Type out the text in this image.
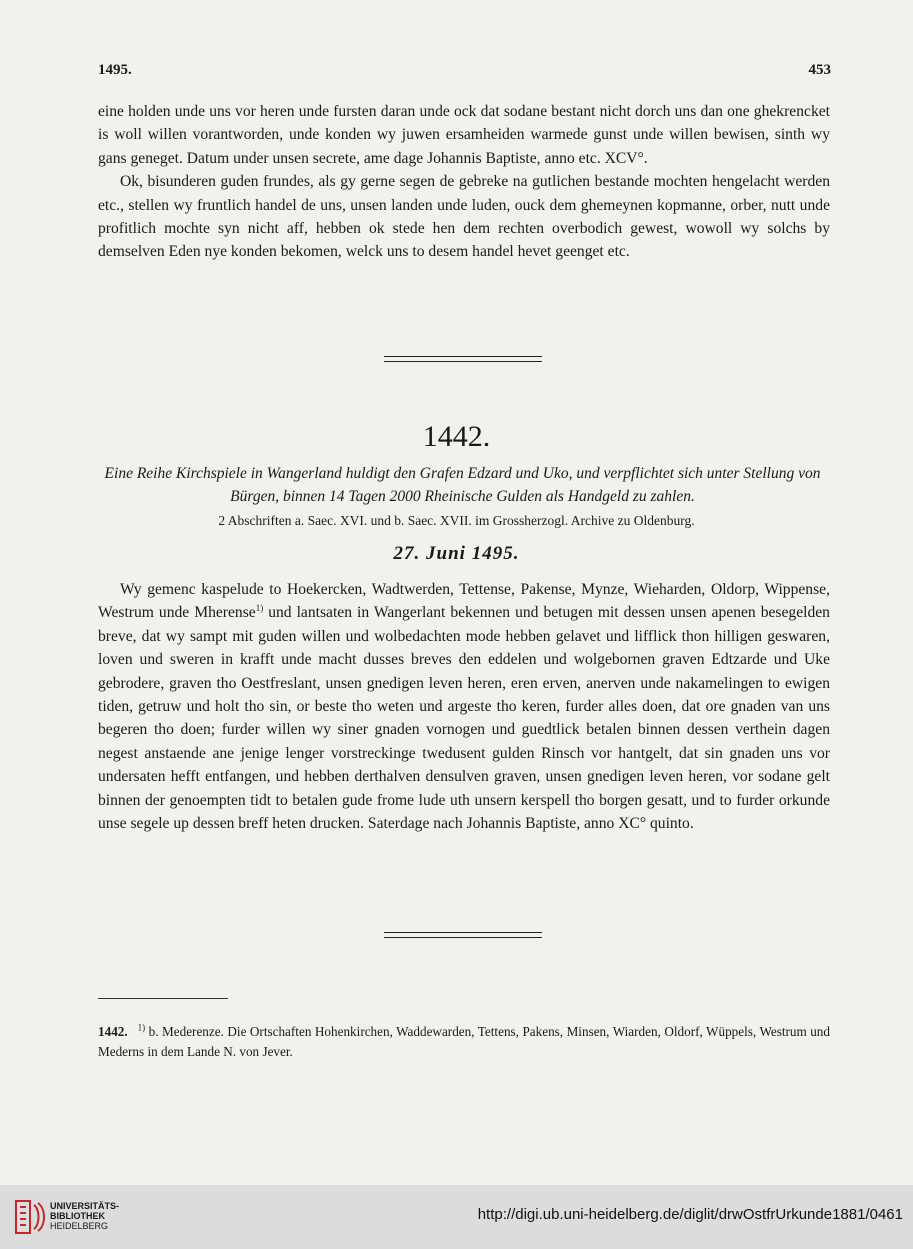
1495.	453

eine holden unde uns vor heren unde fursten daran unde ock dat sodane bestant nicht dorch uns dan one ghekrencket is woll willen vorantworden, unde konden wy juwen ersamheiden warmede gunst unde willen bewisen, sinth wy gans geneget. Datum under unsen secrete, ame dage Johannis Baptiste, anno etc. XCV°.

Ok, bisunderen guden frundes, als gy gerne segen de gebreke na gutlichen bestande mochten hengelacht werden etc., stellen wy fruntlich handel de uns, unsen landen unde luden, ouck dem ghemeynen kopmanne, orber, nutt unde profitlich mochte syn nicht aff, hebben ok stede hen dem rechten overbodich gewest, wowoll wy solchs by demselven Eden nye konden bekomen, welck uns to desem handel hevet geenget etc.

1442.
Eine Reihe Kirchspiele in Wangerland huldigt den Grafen Edzard und Uko, und verpflichtet sich unter Stellung von Bürgen, binnen 14 Tagen 2000 Rheinische Gulden als Handgeld zu zahlen.
2 Abschriften a. Saec. XVI. und b. Saec. XVII. im Grossherzogl. Archive zu Oldenburg.
27. Juni 1495.

Wy gemenc kaspelude to Hoekercken, Wadtwerden, Tettense, Pakense, Mynze, Wieharden, Oldorp, Wippense, Westrum unde Mherense$^{1)}$ und lantsaten in Wangerlant bekennen und betugen mit dessen unsen apenen besegelden breve, dat wy sampt mit guden willen und wolbedachten mode hebben gelavet und lifflick thon hilligen geswaren, loven und sweren in krafft unde macht dusses breves den eddelen und wolgebornen graven Edtzarde und Uke gebrodere, graven tho Oestfreslant, unsen gnedigen leven heren, eren erven, anerven unde nakamelingen to ewigen tiden, getruw und holt tho sin, or beste tho weten und argeste tho keren, furder alles doen, dat ore gnaden van uns begeren tho doen; furder willen wy siner gnaden vornogen und guedtlick betalen binnen dessen verthein dagen negest anstaende ane jenige lenger vorstreckinge twedusent gulden Rinsch vor hantgelt, dat sin gnaden uns vor undersaten hefft entfangen, und hebben derthalven densulven graven, unsen gnedigen leven heren, vor sodane gelt binnen der genoempten tidt to betalen gude frome lude uth unsern kerspell tho borgen gesatt, und to furder orkunde unse segele up dessen breff heten drucken. Saterdage nach Johannis Baptiste, anno XC° quinto.

1442. $^{1)}$ b. Mederenze. Die Ortschaften Hohenkirchen, Waddewarden, Tettens, Pakens, Minsen, Wiarden, Oldorf, Wüppels, Westrum und Mederns in dem Lande N. von Jever.
UNIVERSITÄTS-
BIBLIOTHEK
HEIDELBERG
http://digi.ub.uni-heidelberg.de/diglit/drwOstfrUrkunde1881/0461
